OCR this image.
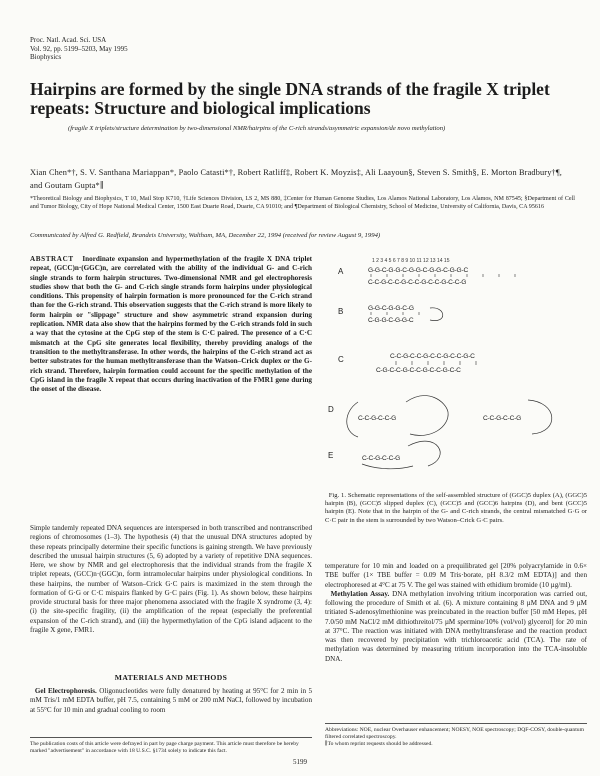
Proc. Natl. Acad. Sci. USA
Vol. 92, pp. 5199–5203, May 1995
Biophysics
Hairpins are formed by the single DNA strands of the fragile X triplet repeats: Structure and biological implications
(fragile X triplets/structure determination by two-dimensional NMR/hairpins of the C-rich strands/asymmetric expansion/de novo methylation)
Xian Chen*†, S. V. Santhana Mariappan*, Paolo Catasti*†, Robert Ratliff‡, Robert K. Moyzis‡, Ali Laayoun§, Steven S. Smith§, E. Morton Bradbury†¶, and Goutam Gupta*∥
*Theoretical Biology and Biophysics, T 10, Mail Stop K710, †Life Sciences Division, LS 2, MS 880, ‡Center for Human Genome Studies, Los Alamos National Laboratory, Los Alamos, NM 87545; §Department of Cell and Tumor Biology, City of Hope National Medical Center, 1500 East Duarte Road, Duarte, CA 91010; and ¶Department of Biological Chemistry, School of Medicine, University of California, Davis, CA 95616
Communicated by Alfred G. Redfield, Brandeis University, Waltham, MA, December 22, 1994 (received for review August 9, 1994)
ABSTRACT Inordinate expansion and hypermethylation of the fragile X DNA triplet repeat, (GCC)n·(GGC)n, are correlated with the ability of the individual G- and C-rich single strands to form hairpin structures. Two-dimensional NMR and gel electrophoresis studies show that both the G- and C-rich single strands form hairpins under physiological conditions. This propensity of hairpin formation is more pronounced for the C-rich strand than for the G-rich strand. This observation suggests that the C-rich strand is more likely to form hairpin or "slippage" structure and show asymmetric strand expansion during replication. NMR data also show that the hairpins formed by the C-rich strands fold in such a way that the cytosine at the CpG step of the stem is C·C paired. The presence of a C·C mismatch at the CpG site generates local flexibility, thereby providing analogs of the transition to the methyltransferase. In other words, the hairpins of the C-rich strand act as better substrates for the human methyltransferase than the Watson–Crick duplex or the G-rich strand. Therefore, hairpin formation could account for the specific methylation of the CpG island in the fragile X repeat that occurs during inactivation of the FMR1 gene during the onset of the disease.
Simple tandemly repeated DNA sequences are interspersed in both transcribed and nontranscribed regions of chromosomes (1–3). The hypothesis (4) that the unusual DNA structures adopted by these repeats principally determine their specific functions is gaining strength. We have previously described the unusual hairpin structures (5, 6) adopted by a variety of repetitive DNA sequences. Here, we show by NMR and gel electrophoresis that the individual strands from the fragile X triplet repeats, (GCC)n·(GGC)n, form intramolecular hairpins under physiological conditions. In these hairpins, the number of Watson–Crick G·C pairs is maximized in the stem through the formation of G·G or C·C mispairs flanked by G·C pairs (Fig. 1). As shown below, these hairpins provide structural basis for three major phenomena associated with the fragile X syndrome (3, 4): (i) the site-specific fragility, (ii) the amplification of the repeat (especially the preferential expansion of the C-rich strand), and (iii) the hypermethylation of the CpG island adjacent to the fragile X gene, FMR1.
MATERIALS AND METHODS
Gel Electrophoresis. Oligonucleotides were fully denatured by heating at 95°C for 2 min in 5 mM Tris/1 mM EDTA buffer, pH 7.5, containing 5 mM or 200 mM NaCl, followed by incubation at 55°C for 10 min and gradual cooling to room
The publication costs of this article were defrayed in part by page charge payment. This article must therefore be hereby marked "advertisement" in accordance with 18 U.S.C. §1734 solely to indicate this fact.
A
B
C
D
E
1 2 3 4 5 6 7 8 9 10 11 12 13 14 15
G-G-C-G-G-C-G-G-C-G-G-C-G-G-C
C-C-G-C-C-G-C-C-G-C-C-G-C-C-G
G-G-C-G-G-C-G
C-G-G-C-G-G-C
C-C-G-C-C-G-C-C-G-C-C-G-C
C-G-C-C-G-C-C-G-C-C-G-C-C
C-C-G-C-C-G	C-C-G-C-C-G
C-C-G-C-C-G
Fig. 1. Schematic representations of the self-assembled structure of (GGC)5 duplex (A), (GGC)5 hairpin (B), (GCC)5 slipped duplex (C), (GCC)5 and (GCC)6 hairpins (D), and bent (GCC)5 hairpin (E). Note that in the hairpin of the G- and C-rich strands, the central mismatched G·G or C·C pair in the stem is surrounded by two Watson–Crick G·C pairs.

temperature for 10 min and loaded on a prequilibrated gel [20% polyacrylamide in 0.6× TBE buffer (1× TBE buffer = 0.09 M Tris·borate, pH 8.3/2 mM EDTA)] and then electrophoresed at 4°C at 75 V. The gel was stained with ethidium bromide (10 µg/ml).

Methylation Assay. DNA methylation involving tritium incorporation was carried out, following the procedure of Smith et al. (6). A mixture containing 8 µM DNA and 9 µM tritiated S-adenosylmethionine was preincubated in the reaction buffer [50 mM Hepes, pH 7.0/50 mM NaCl/2 mM dithiothreitol/75 µM spermine/10% (vol/vol) glycerol] for 20 min at 37°C. The reaction was initiated with DNA methyltransferase and the reaction product was then recovered by precipitation with trichloroacetic acid (TCA). The rate of methylation was determined by measuring tritium incorporation into the TCA-insoluble DNA.

Abbreviations: NOE, nuclear Overhauser enhancement; NOESY, NOE spectroscopy; DQF-COSY, double-quantum filtered correlated spectroscopy.
∥To whom reprint requests should be addressed.
5199
